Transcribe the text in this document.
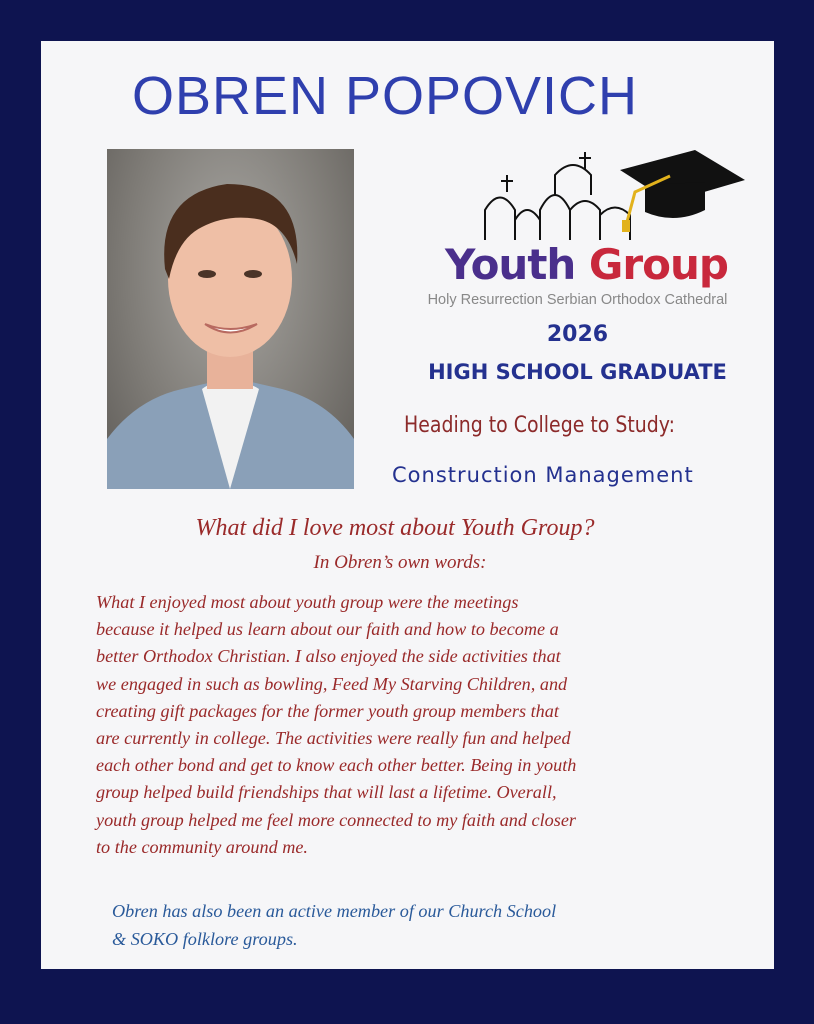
OBREN POPOVICH
Youth Group
Holy Resurrection Serbian Orthodox Cathedral
2026
HIGH SCHOOL GRADUATE
Heading to College to Study:
Construction Management
What did I love most about Youth Group?
In Obren’s own words:
What I enjoyed most about youth group were the meetings
because it helped us learn about our faith and how to become a
better Orthodox Christian. I also enjoyed the side activities that
we engaged in such as bowling, Feed My Starving Children, and
creating gift packages for the former youth group members that
are currently in college. The activities were really fun and helped
each other bond and get to know each other better. Being in youth
group helped build friendships that will last a lifetime. Overall,
youth group helped me feel more connected to my faith and closer
to the community around me.
Obren has also been an active member of our Church School
& SOKO folklore groups.
